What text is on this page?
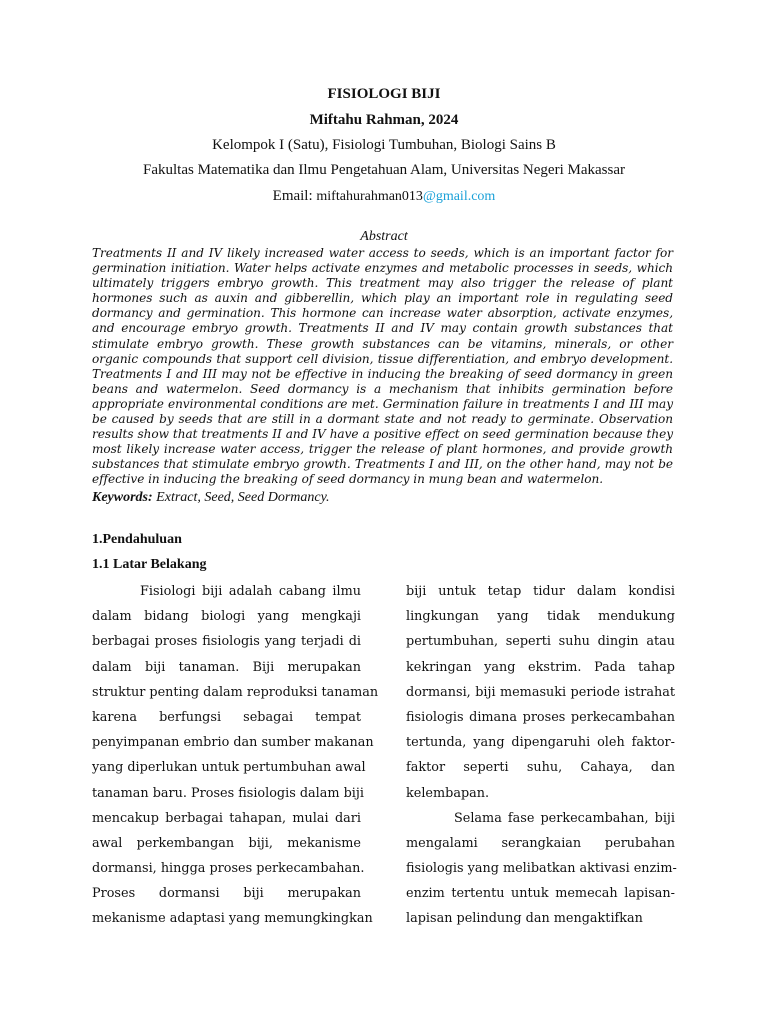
FISIOLOGI BIJI
Miftahu Rahman, 2024
Kelompok I (Satu), Fisiologi Tumbuhan, Biologi Sains B
Fakultas Matematika dan Ilmu Pengetahuan Alam, Universitas Negeri Makassar
Email: miftahurahman013@gmail.com
Abstract
Treatments II and IV likely increased water access to seeds, which is an important factor for germination initiation. Water helps activate enzymes and metabolic processes in seeds, which ultimately triggers embryo growth. This treatment may also trigger the release of plant hormones such as auxin and gibberellin, which play an important role in regulating seed dormancy and germination. This hormone can increase water absorption, activate enzymes, and encourage embryo growth. Treatments II and IV may contain growth substances that stimulate embryo growth. These growth substances can be vitamins, minerals, or other organic compounds that support cell division, tissue differentiation, and embryo development. Treatments I and III may not be effective in inducing the breaking of seed dormancy in green beans and watermelon. Seed dormancy is a mechanism that inhibits germination before appropriate environmental conditions are met. Germination failure in treatments I and III may be caused by seeds that are still in a dormant state and not ready to germinate. Observation results show that treatments II and IV have a positive effect on seed germination because they most likely increase water access, trigger the release of plant hormones, and provide growth substances that stimulate embryo growth. Treatments I and III, on the other hand, may not be effective in inducing the breaking of seed dormancy in mung bean and watermelon.
Keywords: Extract, Seed, Seed Dormancy.
1.Pendahuluan
1.1 Latar Belakang
Fisiologi biji adalah cabang ilmu
dalam bidang biologi yang mengkaji
berbagai proses fisiologis yang terjadi di
dalam biji tanaman. Biji merupakan
struktur penting dalam reproduksi tanaman
karena berfungsi sebagai tempat
penyimpanan embrio dan sumber makanan
yang diperlukan untuk pertumbuhan awal
tanaman baru. Proses fisiologis dalam biji
mencakup berbagai tahapan, mulai dari
awal perkembangan biji, mekanisme
dormansi, hingga proses perkecambahan.
Proses dormansi biji merupakan
mekanisme adaptasi yang memungkingkan
biji untuk tetap tidur dalam kondisi
lingkungan yang tidak mendukung
pertumbuhan, seperti suhu dingin atau
kekringan yang ekstrim. Pada tahap
dormansi, biji memasuki periode istrahat
fisiologis dimana proses perkecambahan
tertunda, yang dipengaruhi oleh faktor-
faktor seperti suhu, Cahaya, dan
kelembapan.
Selama fase perkecambahan, biji
mengalami serangkaian perubahan
fisiologis yang melibatkan aktivasi enzim-
enzim tertentu untuk memecah lapisan-
lapisan pelindung dan mengaktifkan
